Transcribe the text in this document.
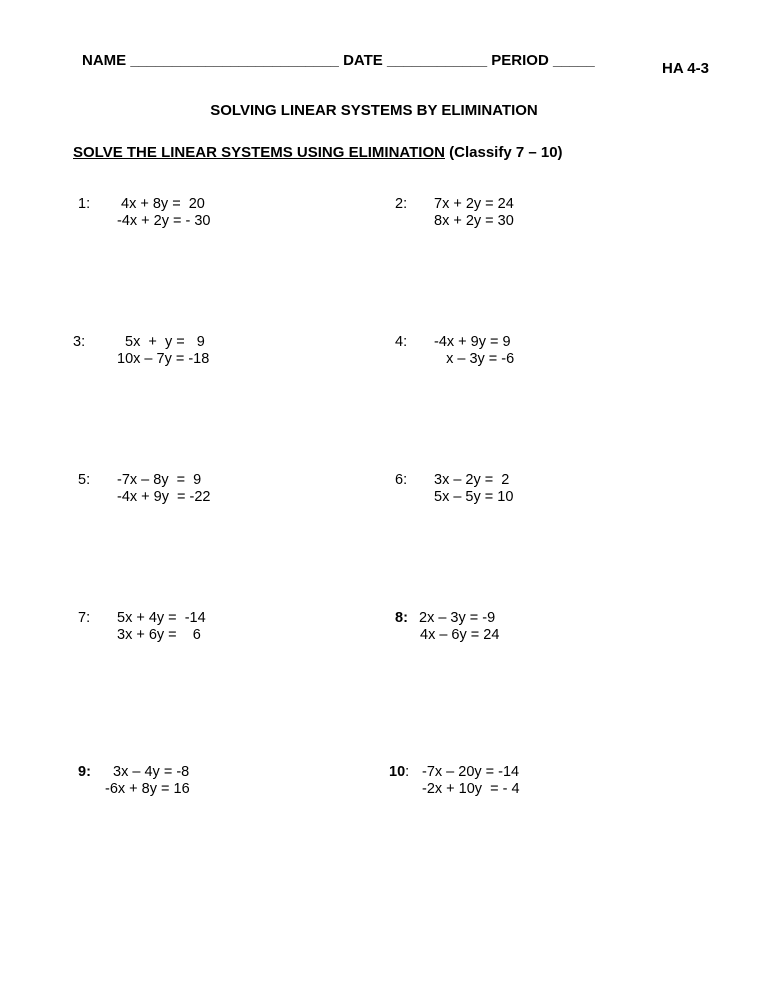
NAME _________________________ DATE ____________ PERIOD _____	HA 4-3
SOLVING LINEAR SYSTEMS BY ELIMINATION
SOLVE THE LINEAR SYSTEMS USING ELIMINATION (Classify 7 – 10)
1: 4x + 8y =  20
-4x + 2y = - 30
2: 7x + 2y = 24
8x + 2y = 30
3: 5x  +  y =   9
10x – 7y = -18
4: -4x + 9y = 9
x – 3y = -6
5: -7x – 8y  =  9
-4x + 9y  = -22
6: 3x – 2y =  2
5x – 5y = 10
7: 5x + 4y =  -14
3x + 6y =    6
8: 2x – 3y = -9
4x – 6y = 24
9: 3x – 4y = -8
-6x + 8y = 16
10: -7x – 20y = -14
-2x + 10y  = - 4
